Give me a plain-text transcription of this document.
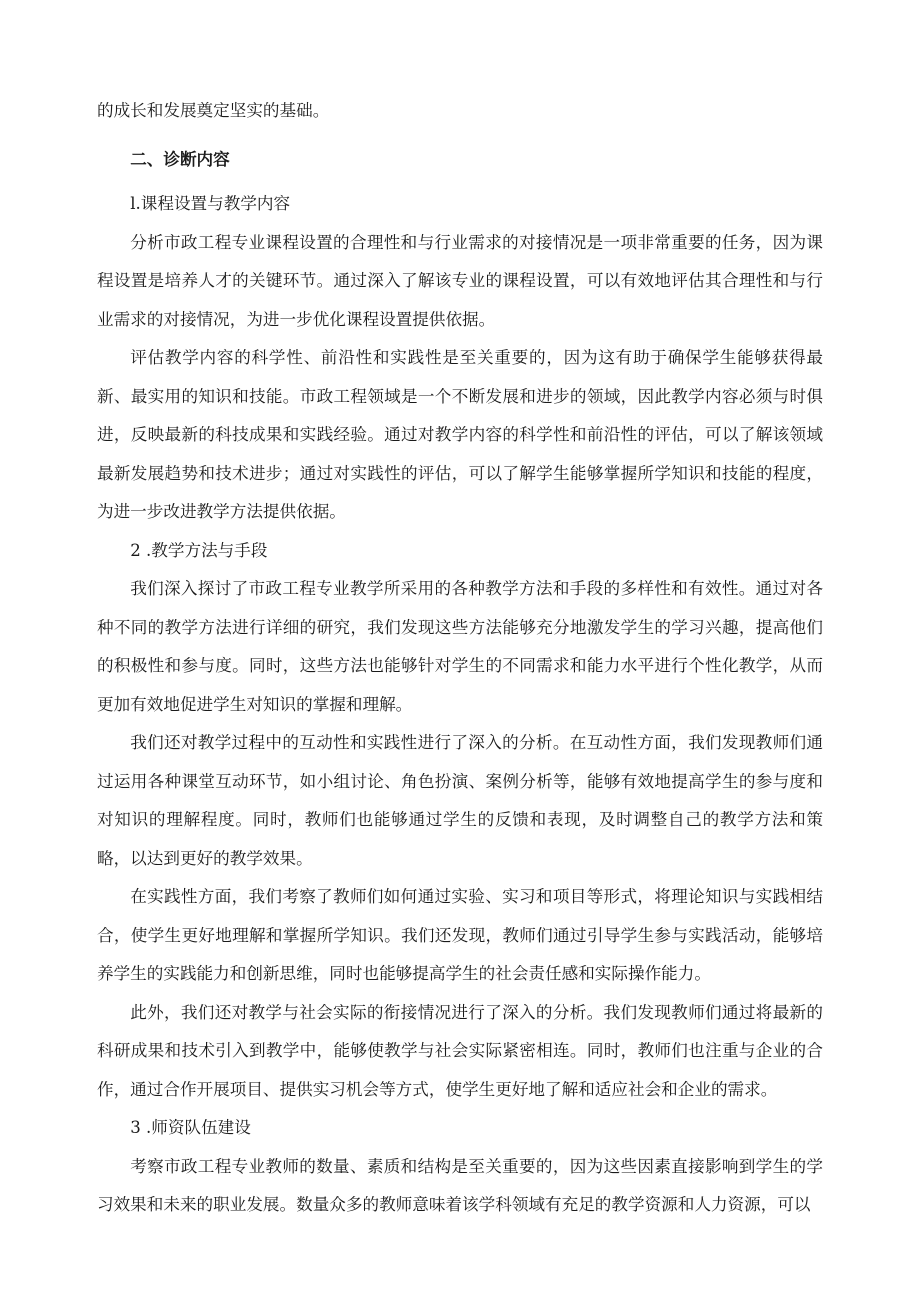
的成长和发展奠定坚实的基础。

二、诊断内容

l.课程设置与教学内容

分析市政工程专业课程设置的合理性和与行业需求的对接情况是一项非常重要的任务，因为课程设置是培养人才的关键环节。通过深入了解该专业的课程设置，可以有效地评估其合理性和与行业需求的对接情况，为进一步优化课程设置提供依据。

评估教学内容的科学性、前沿性和实践性是至关重要的，因为这有助于确保学生能够获得最新、最实用的知识和技能。市政工程领域是一个不断发展和进步的领域，因此教学内容必须与时俱进，反映最新的科技成果和实践经验。通过对教学内容的科学性和前沿性的评估，可以了解该领域最新发展趋势和技术进步；通过对实践性的评估，可以了解学生能够掌握所学知识和技能的程度，为进一步改进教学方法提供依据。

2 .教学方法与手段

我们深入探讨了市政工程专业教学所采用的各种教学方法和手段的多样性和有效性。通过对各种不同的教学方法进行详细的研究，我们发现这些方法能够充分地激发学生的学习兴趣，提高他们的积极性和参与度。同时，这些方法也能够针对学生的不同需求和能力水平进行个性化教学，从而更加有效地促进学生对知识的掌握和理解。

我们还对教学过程中的互动性和实践性进行了深入的分析。在互动性方面，我们发现教师们通过运用各种课堂互动环节，如小组讨论、角色扮演、案例分析等，能够有效地提高学生的参与度和对知识的理解程度。同时，教师们也能够通过学生的反馈和表现，及时调整自己的教学方法和策略，以达到更好的教学效果。

在实践性方面，我们考察了教师们如何通过实验、实习和项目等形式，将理论知识与实践相结合，使学生更好地理解和掌握所学知识。我们还发现，教师们通过引导学生参与实践活动，能够培养学生的实践能力和创新思维，同时也能够提高学生的社会责任感和实际操作能力。

此外，我们还对教学与社会实际的衔接情况进行了深入的分析。我们发现教师们通过将最新的科研成果和技术引入到教学中，能够使教学与社会实际紧密相连。同时，教师们也注重与企业的合作，通过合作开展项目、提供实习机会等方式，使学生更好地了解和适应社会和企业的需求。

3 .师资队伍建设

考察市政工程专业教师的数量、素质和结构是至关重要的，因为这些因素直接影响到学生的学习效果和未来的职业发展。数量众多的教师意味着该学科领域有充足的教学资源和人力资源，可以
